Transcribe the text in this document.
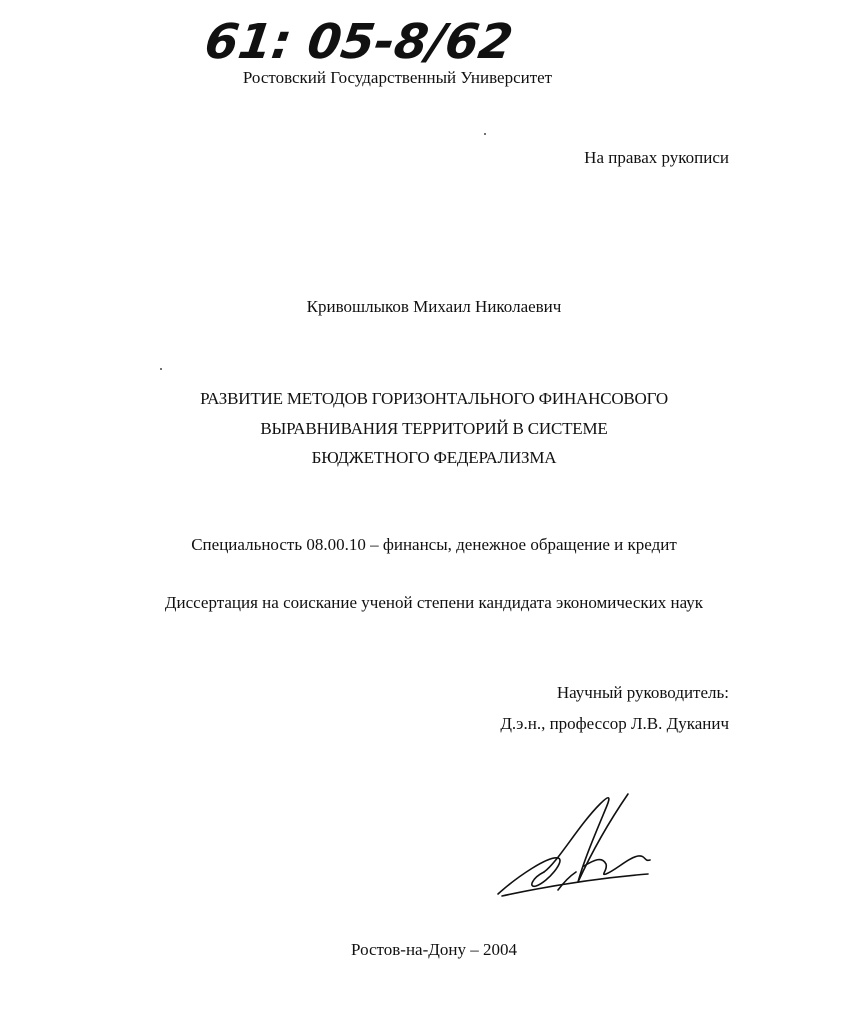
61: 05-8/62
Ростовский Государственный Университет
На правах рукописи
Кривошлыков Михаил Николаевич
РАЗВИТИЕ МЕТОДОВ ГОРИЗОНТАЛЬНОГО ФИНАНСОВОГО
ВЫРАВНИВАНИЯ ТЕРРИТОРИЙ В СИСТЕМЕ
БЮДЖЕТНОГО ФЕДЕРАЛИЗМА
Специальность 08.00.10 – финансы, денежное обращение и кредит
Диссертация на соискание ученой степени кандидата экономических наук
Научный руководитель:
Д.э.н., профессор Л.В. Дуканич
Ростов-на-Дону – 2004
